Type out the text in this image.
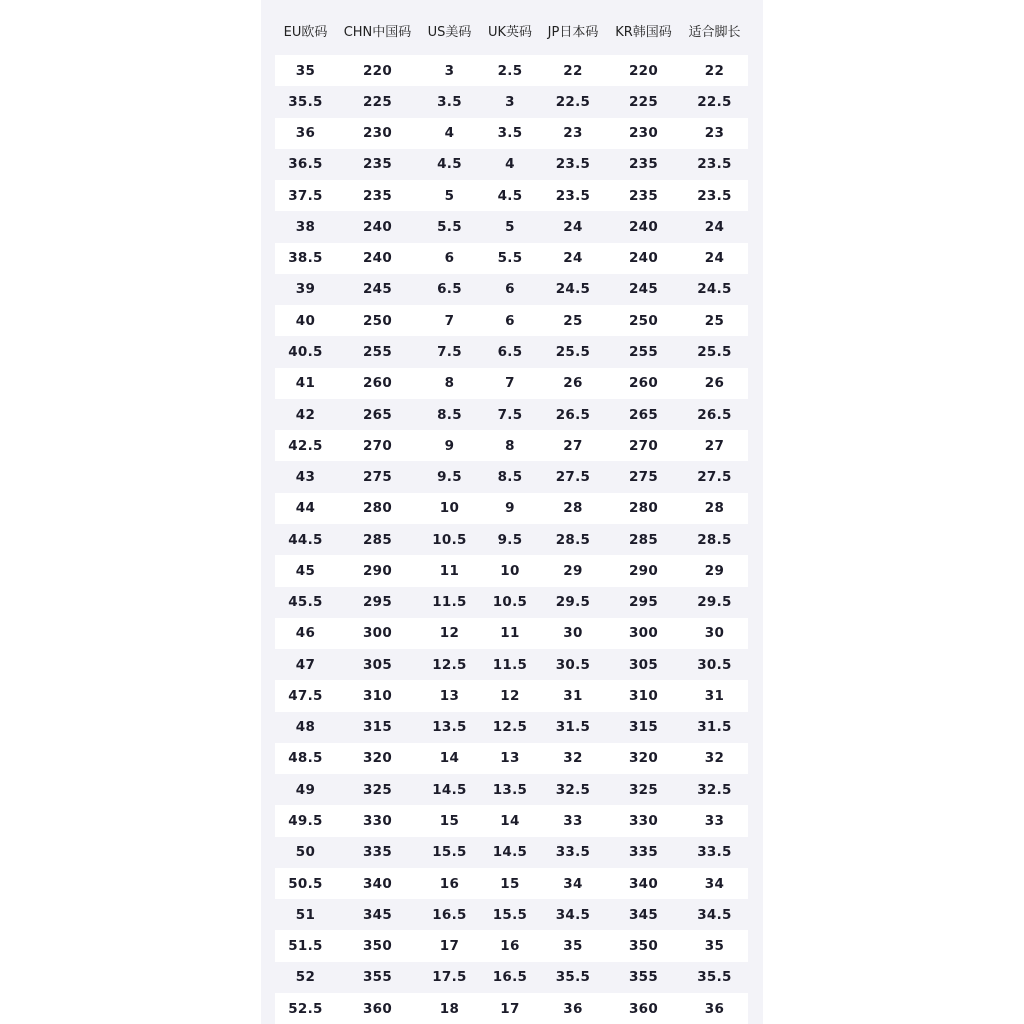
EU欧码	CHN中国码	US美码	UK英码	JP日本码	KR韩国码	适合脚长
35	220	3	2.5	22	220	22
35.5	225	3.5	3	22.5	225	22.5
36	230	4	3.5	23	230	23
36.5	235	4.5	4	23.5	235	23.5
37.5	235	5	4.5	23.5	235	23.5
38	240	5.5	5	24	240	24
38.5	240	6	5.5	24	240	24
39	245	6.5	6	24.5	245	24.5
40	250	7	6	25	250	25
40.5	255	7.5	6.5	25.5	255	25.5
41	260	8	7	26	260	26
42	265	8.5	7.5	26.5	265	26.5
42.5	270	9	8	27	270	27
43	275	9.5	8.5	27.5	275	27.5
44	280	10	9	28	280	28
44.5	285	10.5	9.5	28.5	285	28.5
45	290	11	10	29	290	29
45.5	295	11.5	10.5	29.5	295	29.5
46	300	12	11	30	300	30
47	305	12.5	11.5	30.5	305	30.5
47.5	310	13	12	31	310	31
48	315	13.5	12.5	31.5	315	31.5
48.5	320	14	13	32	320	32
49	325	14.5	13.5	32.5	325	32.5
49.5	330	15	14	33	330	33
50	335	15.5	14.5	33.5	335	33.5
50.5	340	16	15	34	340	34
51	345	16.5	15.5	34.5	345	34.5
51.5	350	17	16	35	350	35
52	355	17.5	16.5	35.5	355	35.5
52.5	360	18	17	36	360	36
